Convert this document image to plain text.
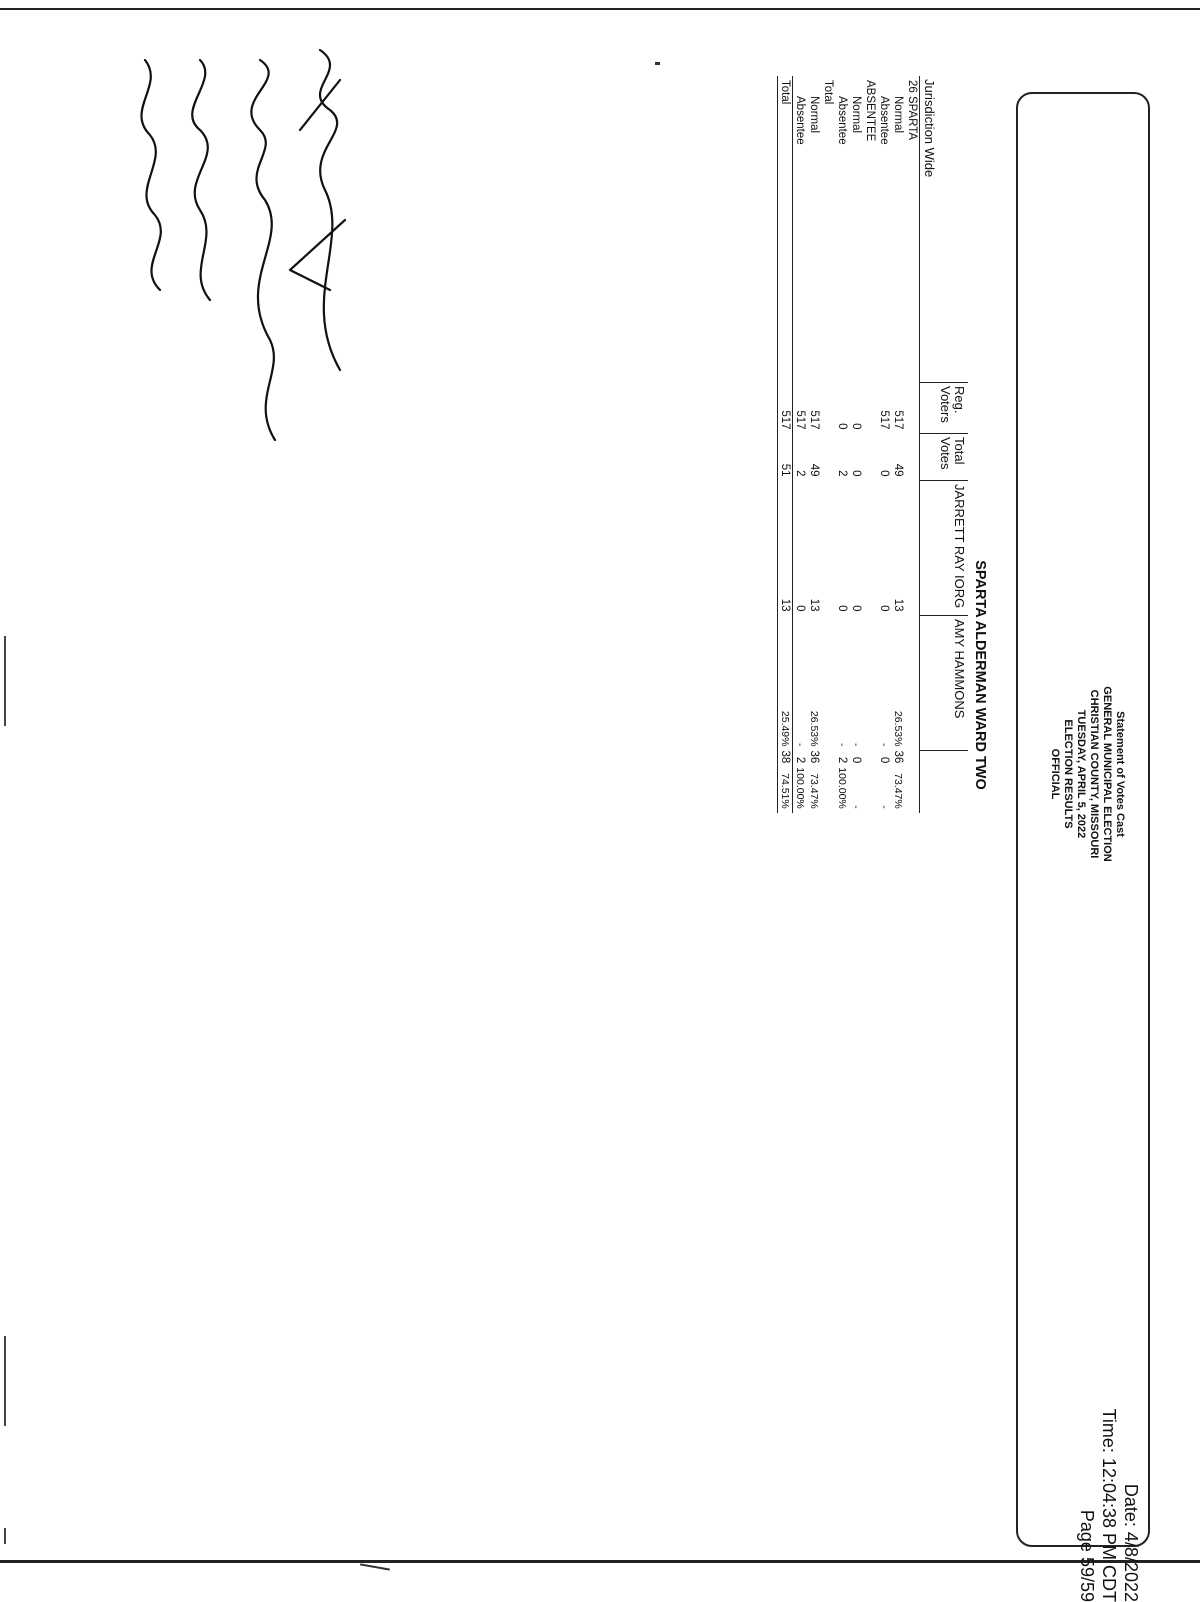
Statement of Votes Cast
GENERAL MUNICIPAL ELECTION
CHRISTIAN COUNTY, MISSOURI
TUESDAY, APRIL 5, 2022
ELECTION RESULTS
OFFICIAL
Date: 4/8/2022
Time: 12:04:38 PM CDT
Page 59/59
SPARTA ALDERMAN WARD TWO
Jurisdiction Wide	Reg. Voters	Total Votes	JARRETT RAY IORG	AMY HAMMONS		
26 SPARTA						
Normal	517	49	13	26.53%	36	73.47%
Absentee	517	0	0	-	0	-
ABSENTEE						
Normal	0	0	0	-	0	-
Absentee	0	2	0	-	2	100.00%
Total						
Normal	517	49	13	26.53%	36	73.47%
Absentee	517	2	0	-	2	100.00%
Total	517	51	13	25.49%	38	74.51%
